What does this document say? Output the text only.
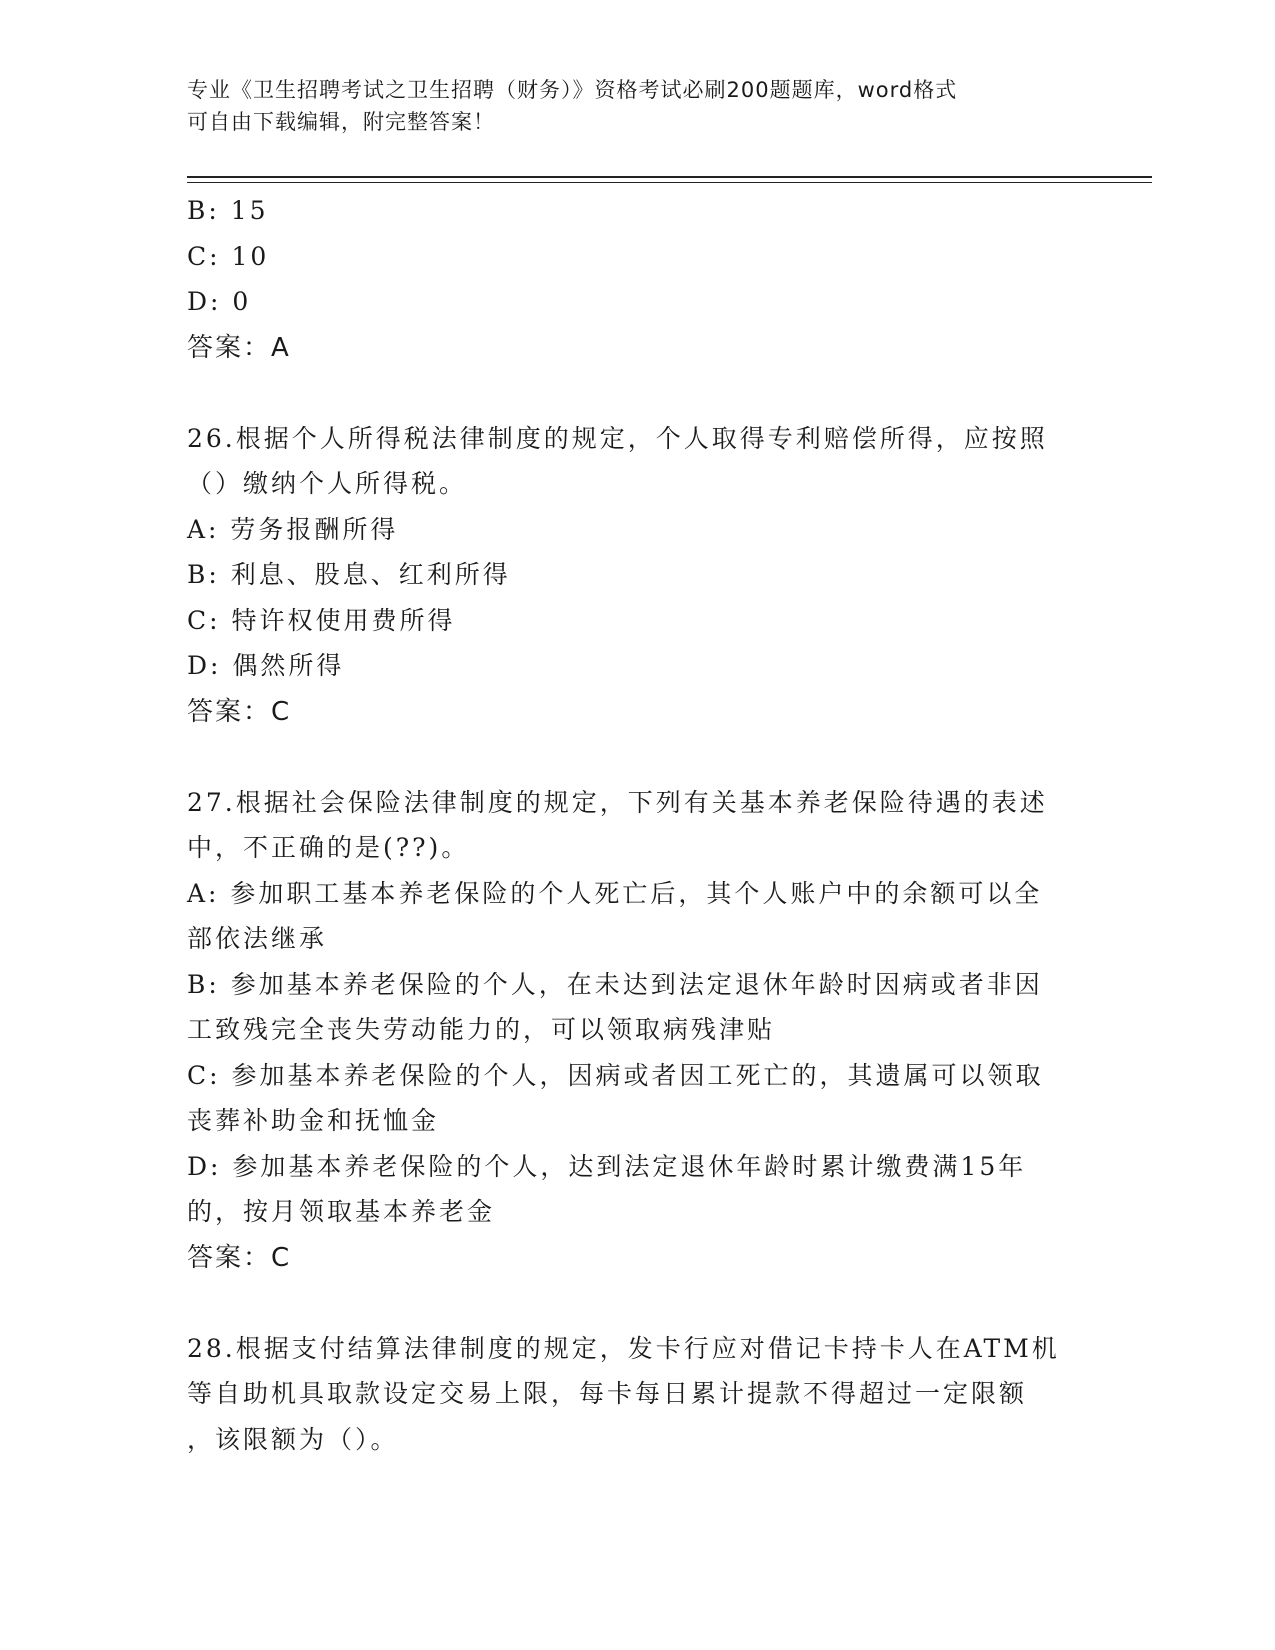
专业《卫生招聘考试之卫生招聘（财务）》资格考试必刷200题题库，word格式
可自由下载编辑，附完整答案！
B: 15
C: 10
D: 0
答案：A
26.根据个人所得税法律制度的规定，个人取得专利赔偿所得，应按照
（）缴纳个人所得税。
A: 劳务报酬所得
B: 利息、股息、红利所得
C: 特许权使用费所得
D: 偶然所得
答案：C
27.根据社会保险法律制度的规定，下列有关基本养老保险待遇的表述
中，不正确的是(??)。
A: 参加职工基本养老保险的个人死亡后，其个人账户中的余额可以全
部依法继承
B: 参加基本养老保险的个人，在未达到法定退休年龄时因病或者非因
工致残完全丧失劳动能力的，可以领取病残津贴
C: 参加基本养老保险的个人，因病或者因工死亡的，其遗属可以领取
丧葬补助金和抚恤金
D: 参加基本养老保险的个人，达到法定退休年龄时累计缴费满15年
的，按月领取基本养老金
答案：C
28.根据支付结算法律制度的规定，发卡行应对借记卡持卡人在ATM机
等自助机具取款设定交易上限，每卡每日累计提款不得超过一定限额
，该限额为（）。
